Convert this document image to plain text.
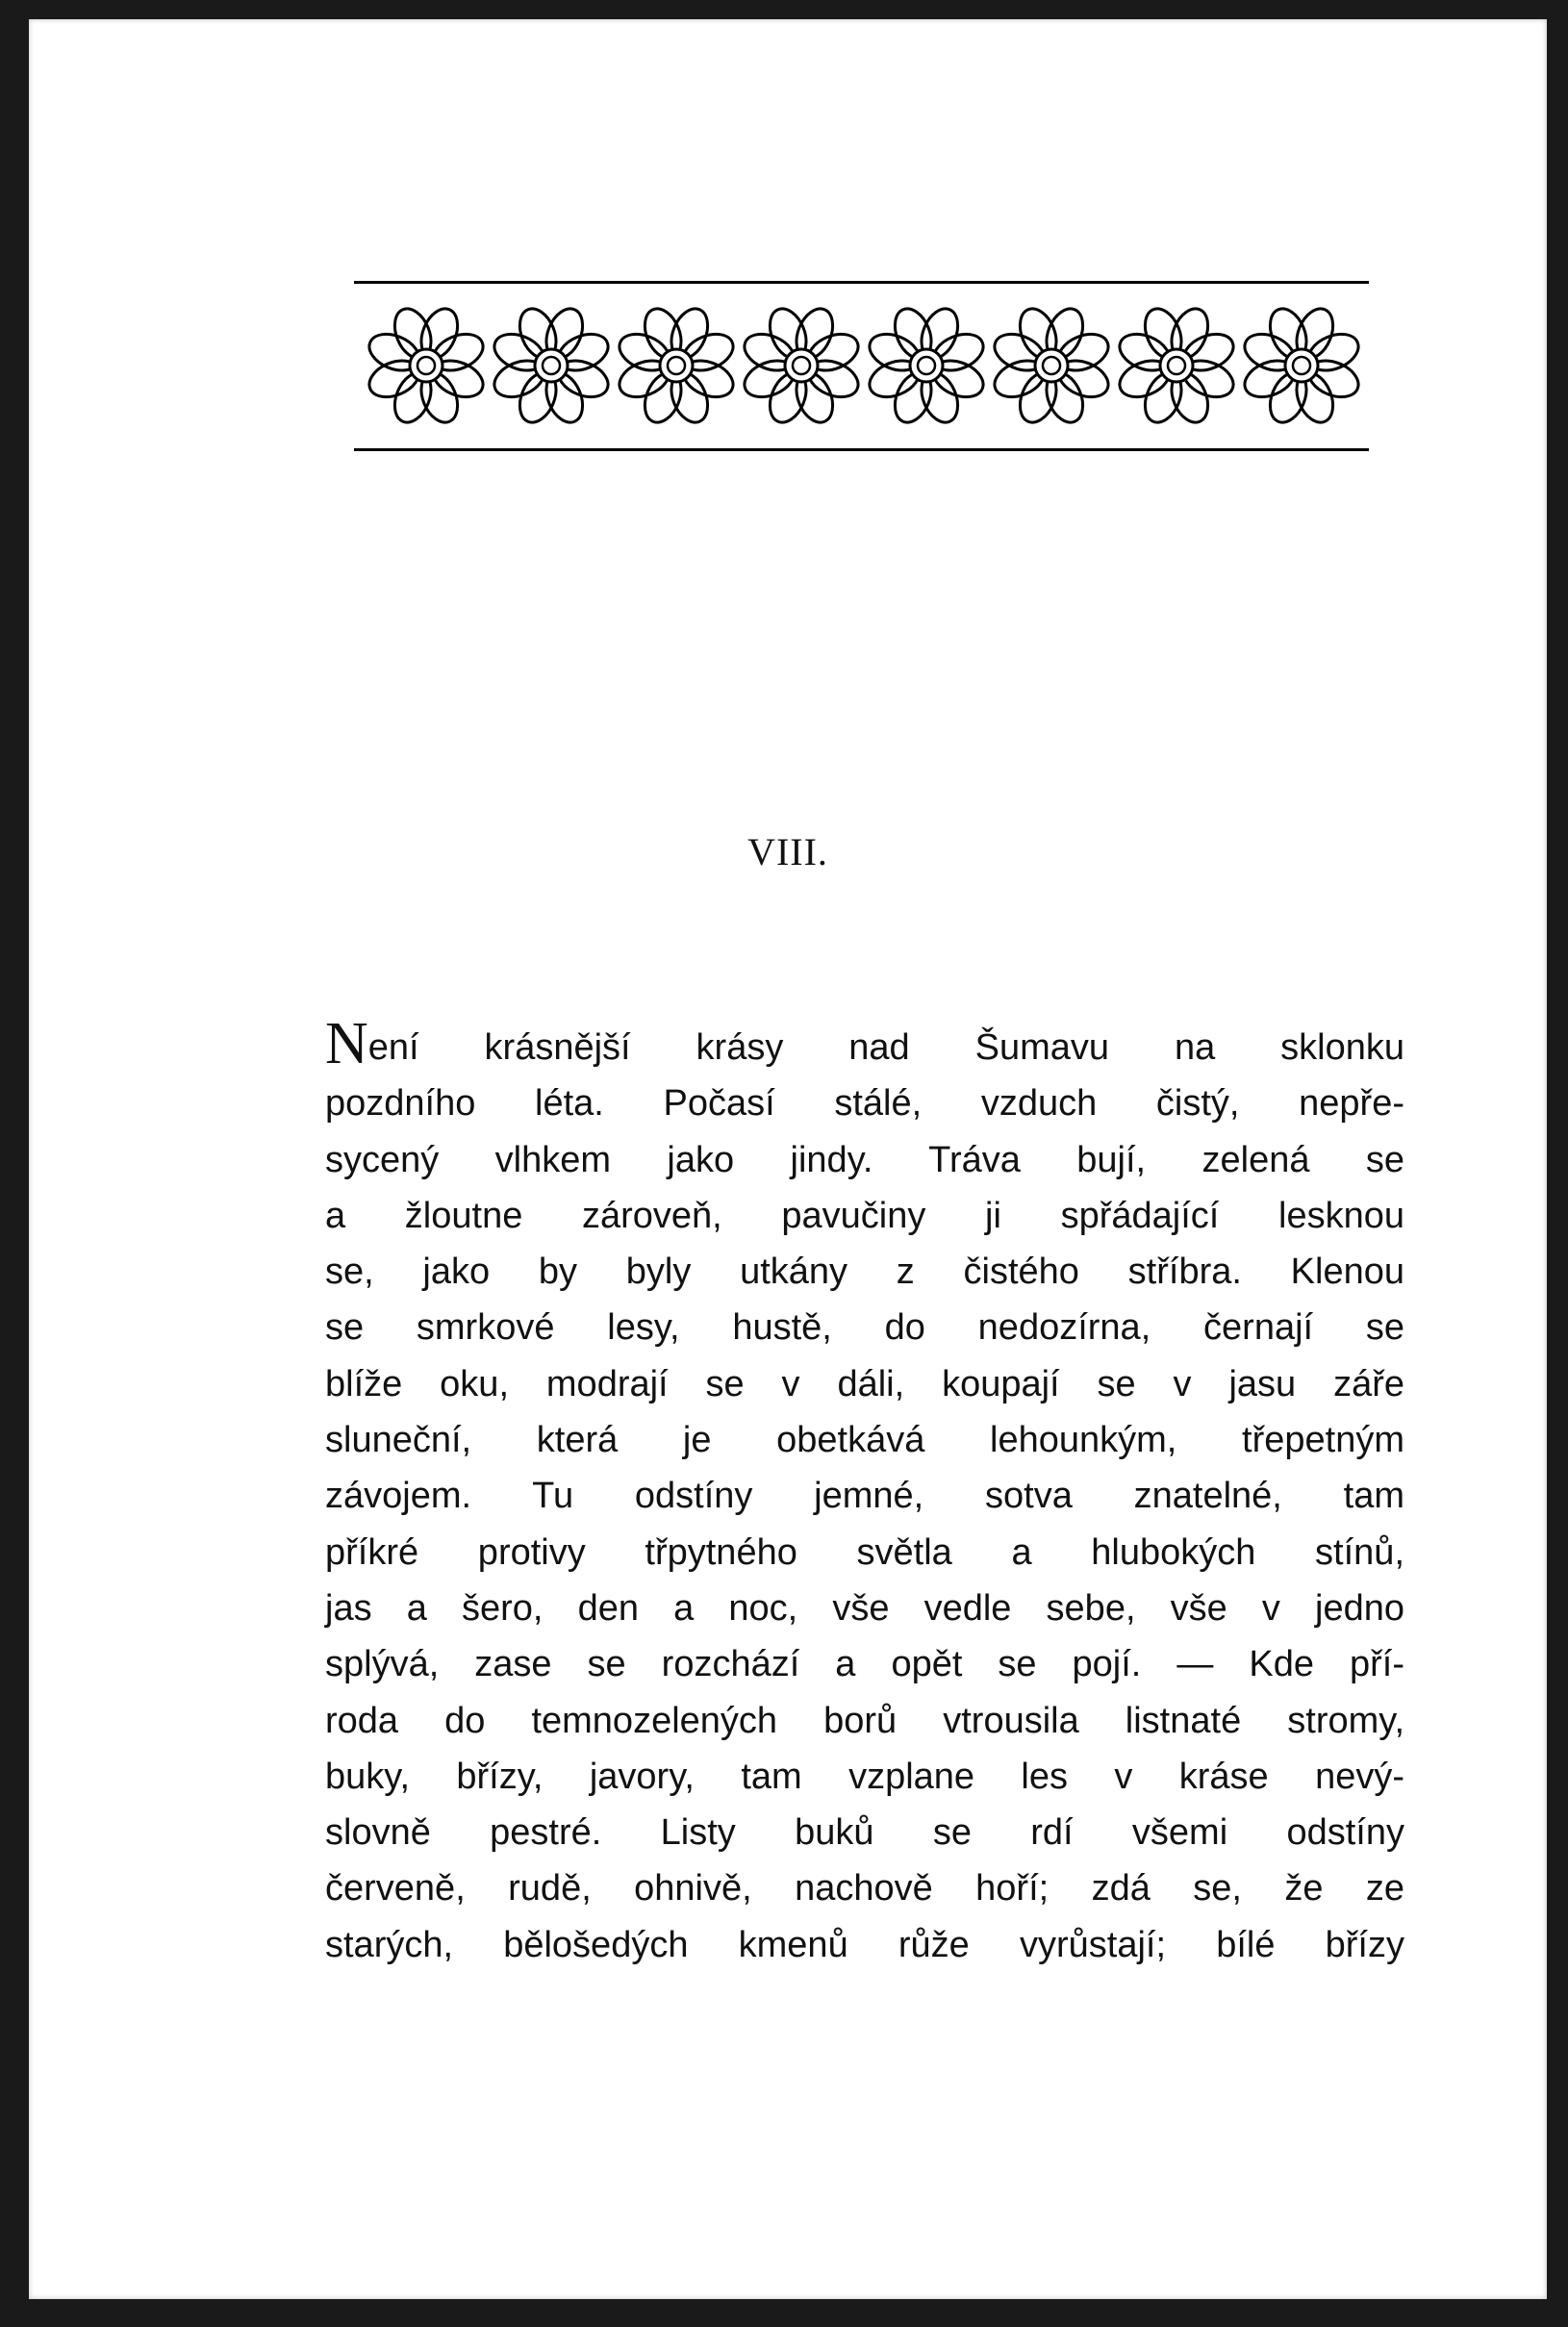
VIII.
Není krásnější krásy nad Šumavu na sklonku
pozdního léta. Počasí stálé, vzduch čistý, nepře-
sycený vlhkem jako jindy. Tráva bují, zelená se
a žloutne zároveň, pavučiny ji spřádající lesknou
se, jako by byly utkány z čistého stříbra. Klenou
se smrkové lesy, hustě, do nedozírna, černají se
blíže oku, modrají se v dáli, koupají se v jasu záře
sluneční, která je obetkává lehounkým, třepetným
závojem. Tu odstíny jemné, sotva znatelné, tam
příkré protivy třpytného světla a hlubokých stínů,
jas a šero, den a noc, vše vedle sebe, vše v jedno
splývá, zase se rozchází a opět se pojí. — Kde pří-
roda do temnozelených borů vtrousila listnaté stromy,
buky, břízy, javory, tam vzplane les v kráse nevý-
slovně pestré. Listy buků se rdí všemi odstíny
červeně, rudě, ohnivě, nachově hoří; zdá se, že ze
starých, bělošedých kmenů růže vyrůstají; bílé břízy
